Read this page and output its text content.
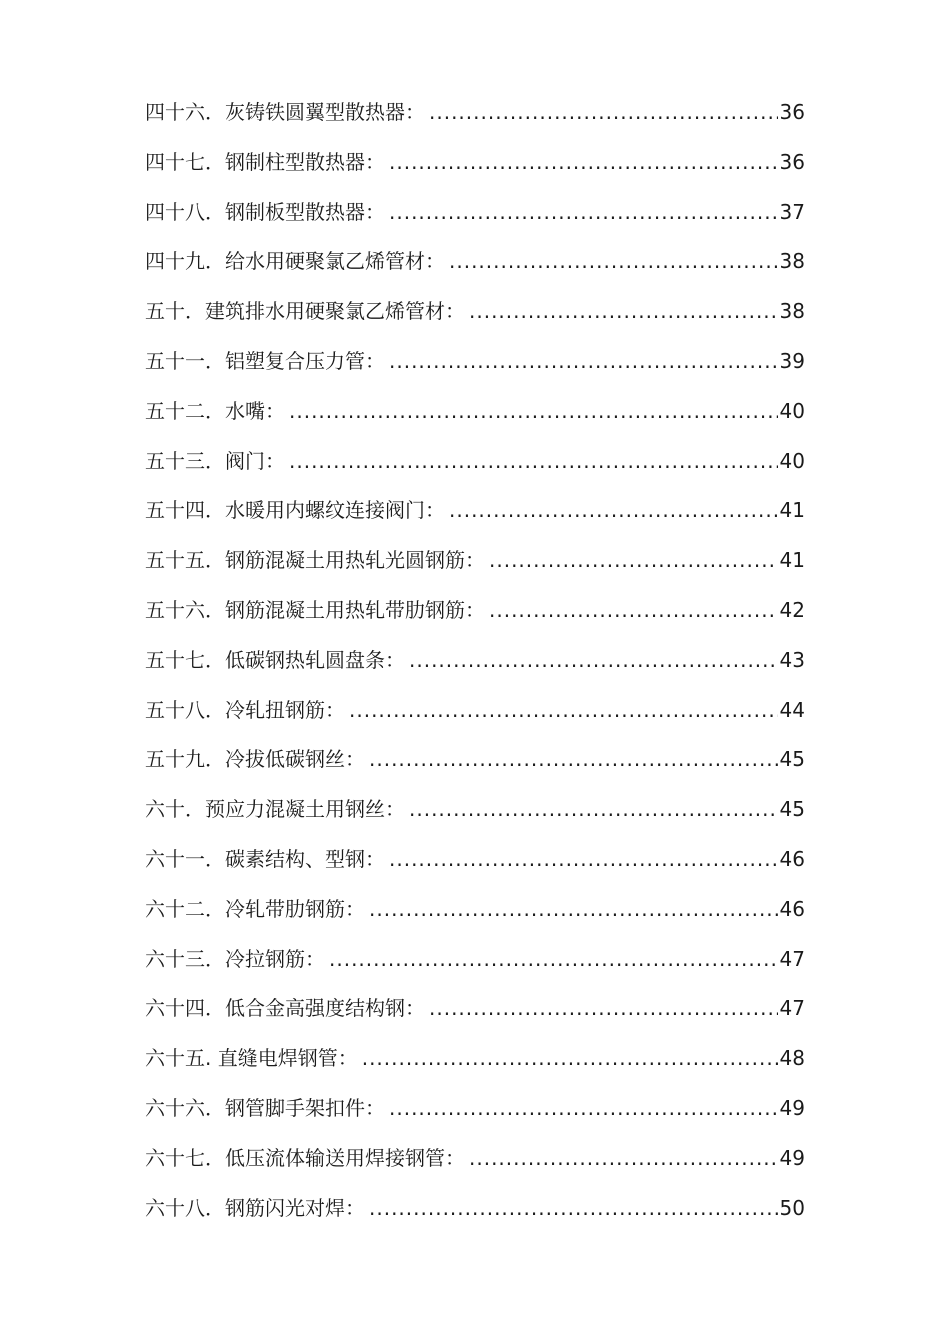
四十六．灰铸铁圆翼型散热器： .....	36
四十七．钢制柱型散热器： .....	36
四十八．钢制板型散热器： .....	37
四十九．给水用硬聚氯乙烯管材： .....	38
五十．建筑排水用硬聚氯乙烯管材： .....	38
五十一．铝塑复合压力管： .....	39
五十二．水嘴： .....	40
五十三．阀门： .....	40
五十四．水暖用内螺纹连接阀门： .....	41
五十五．钢筋混凝土用热轧光圆钢筋： .....	41
五十六．钢筋混凝土用热轧带肋钢筋： .....	42
五十七．低碳钢热轧圆盘条： .....	43
五十八．冷轧扭钢筋： .....	44
五十九．冷拔低碳钢丝： .....	45
六十．预应力混凝土用钢丝： .....	45
六十一．碳素结构、型钢： .....	46
六十二．冷轧带肋钢筋： .....	46
六十三．冷拉钢筋： .....	47
六十四．低合金高强度结构钢： .....	47
六十五. 直缝电焊钢管： .....	48
六十六．钢管脚手架扣件： .....	49
六十七．低压流体输送用焊接钢管： .....	49
六十八．钢筋闪光对焊： .....	50
